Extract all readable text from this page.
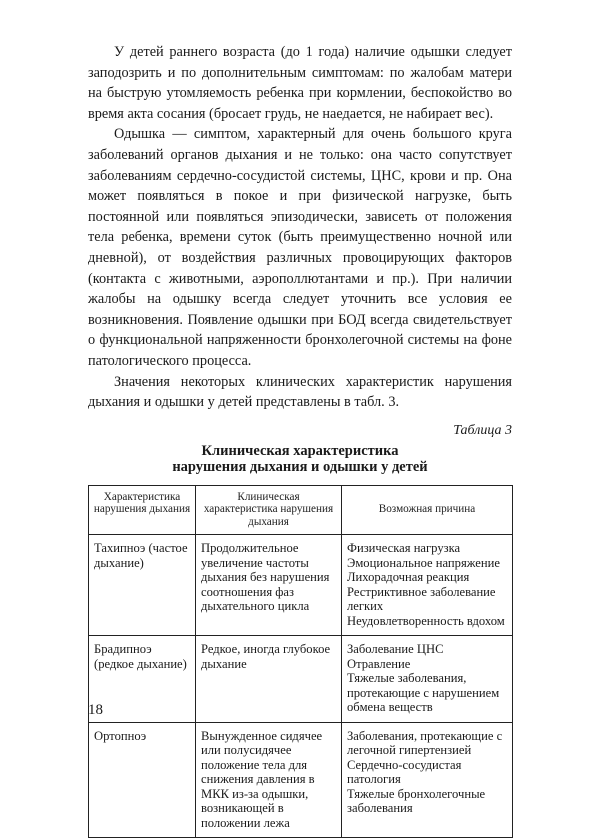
У детей раннего возраста (до 1 года) наличие одышки следует заподозрить и по дополнительным симптомам: по жалобам матери на быструю утомляемость ребенка при кормлении, беспокойство во время акта сосания (бросает грудь, не наедается, не набирает вес).

Одышка — симптом, характерный для очень большого круга заболеваний органов дыхания и не только: она часто сопутствует заболеваниям сердечно-сосудистой системы, ЦНС, крови и пр. Она может появляться в покое и при физической нагрузке, быть постоянной или появляться эпизодически, зависеть от положения тела ребенка, времени суток (быть преимущественно ночной или дневной), от воздействия различных провоцирующих факторов (контакта с животными, аэрополлютантами и пр.). При наличии жалобы на одышку всегда следует уточнить все условия ее возникновения. Появление одышки при БОД всегда свидетельствует о функциональной напряженности бронхолегочной системы на фоне патологического процесса.

Значения некоторых клинических характеристик нарушения дыхания и одышки у детей представлены в табл. 3.

Таблица 3
Клиническая характеристика
нарушения дыхания и одышки у детей
Характеристика нарушения дыхания	Клиническая характеристика нарушения дыхания	Возможная причина
Тахипноэ (частое дыхание)	Продолжительное увеличение частоты дыхания без нарушения соотношения фаз дыхательного цикла	Физическая нагрузка
Эмоциональное напряжение
Лихорадочная реакция
Рестриктивное заболевание легких
Неудовлетворенность вдохом

Брадипноэ (редкое дыхание)	Редкое, иногда глубокое дыхание	Заболевание ЦНС
Отравление
Тяжелые заболевания, протекающие с нарушением обмена веществ

Ортопноэ	Вынужденное сидячее или полусидячее положение тела для снижения давления в МКК из-за одышки, возникающей в положении лежа	Заболевания, протекающие с легочной гипертензией
Сердечно-сосудистая патология
Тяжелые бронхолегочные заболевания
18
